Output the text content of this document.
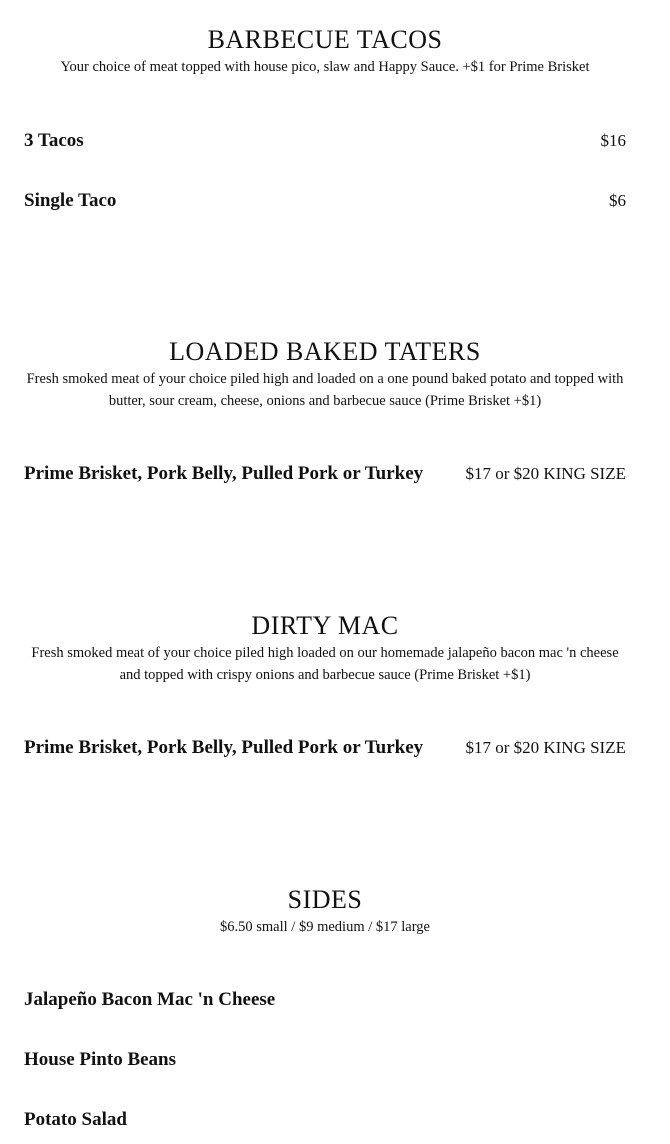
BARBECUE TACOS

Your choice of meat topped with house pico, slaw and Happy Sauce. +$1 for Prime Brisket

3 Tacos	$16
Single Taco	$6
LOADED BAKED TATERS

Fresh smoked meat of your choice piled high and loaded on a one pound baked potato and topped with butter, sour cream, cheese, onions and barbecue sauce (Prime Brisket +$1)

Prime Brisket, Pork Belly, Pulled Pork or Turkey $17 or $20 KING SIZE
DIRTY MAC

Fresh smoked meat of your choice piled high loaded on our homemade jalapeño bacon mac 'n cheese and topped with crispy onions and barbecue sauce (Prime Brisket +$1)

Prime Brisket, Pork Belly, Pulled Pork or Turkey $17 or $20 KING SIZE
SIDES

$6.50 small / $9 medium / $17 large

Jalapeño Bacon Mac 'n Cheese
House Pinto Beans
Potato Salad
